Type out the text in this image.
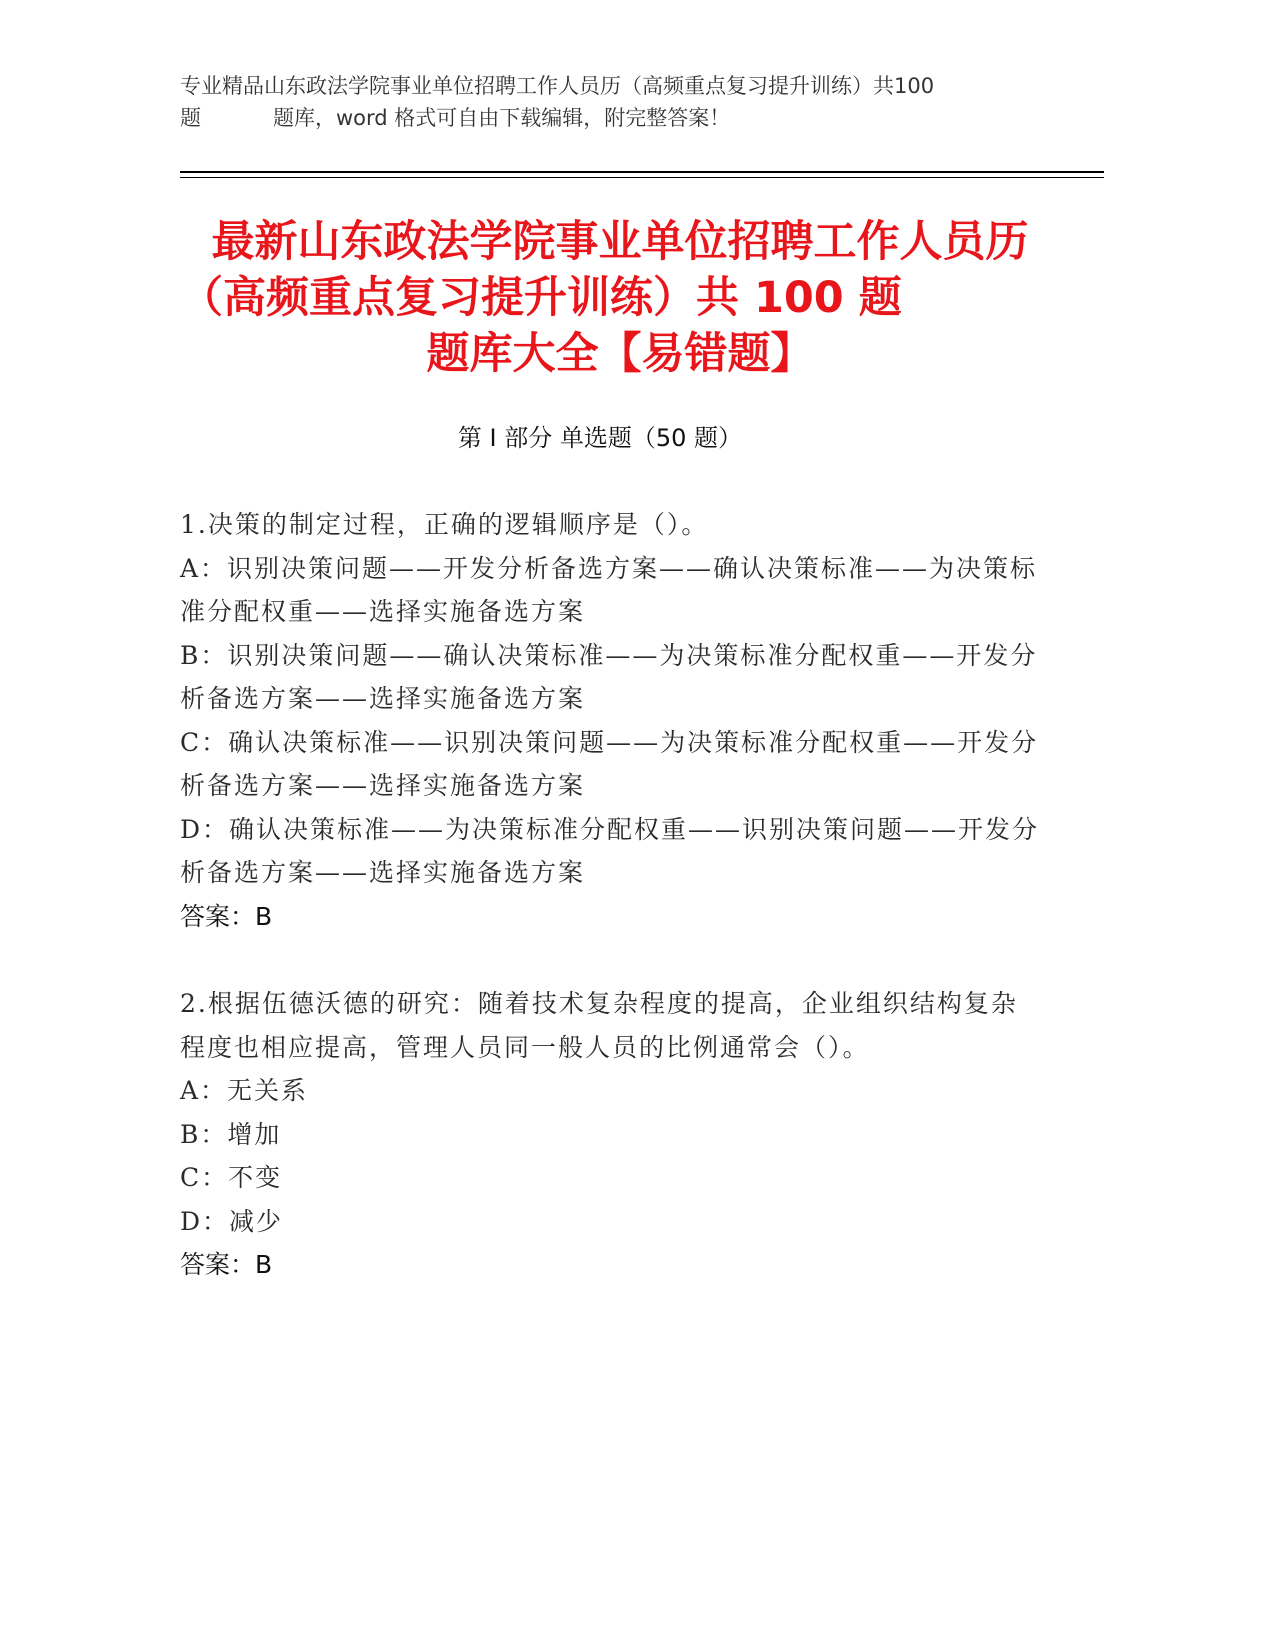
专业精品山东政法学院事业单位招聘工作人员历（高频重点复习提升训练）共100
题	题库，word 格式可自由下载编辑，附完整答案！
最新山东政法学院事业单位招聘工作人员历
（高频重点复习提升训练）共 100 题
题库大全【易错题】
第 I 部分 单选题（50 题）
1.决策的制定过程，正确的逻辑顺序是（）。
A：识别决策问题——开发分析备选方案——确认决策标准——为决策标准分配权重——选择实施备选方案
B：识别决策问题——确认决策标准——为决策标准分配权重——开发分析备选方案——选择实施备选方案
C：确认决策标准——识别决策问题——为决策标准分配权重——开发分析备选方案——选择实施备选方案
D：确认决策标准——为决策标准分配权重——识别决策问题——开发分析备选方案——选择实施备选方案
答案：B
2.根据伍德沃德的研究：随着技术复杂程度的提高，企业组织结构复杂程度也相应提高，管理人员同一般人员的比例通常会（）。
A：无关系
B：增加
C：不变
D：减少
答案：B
